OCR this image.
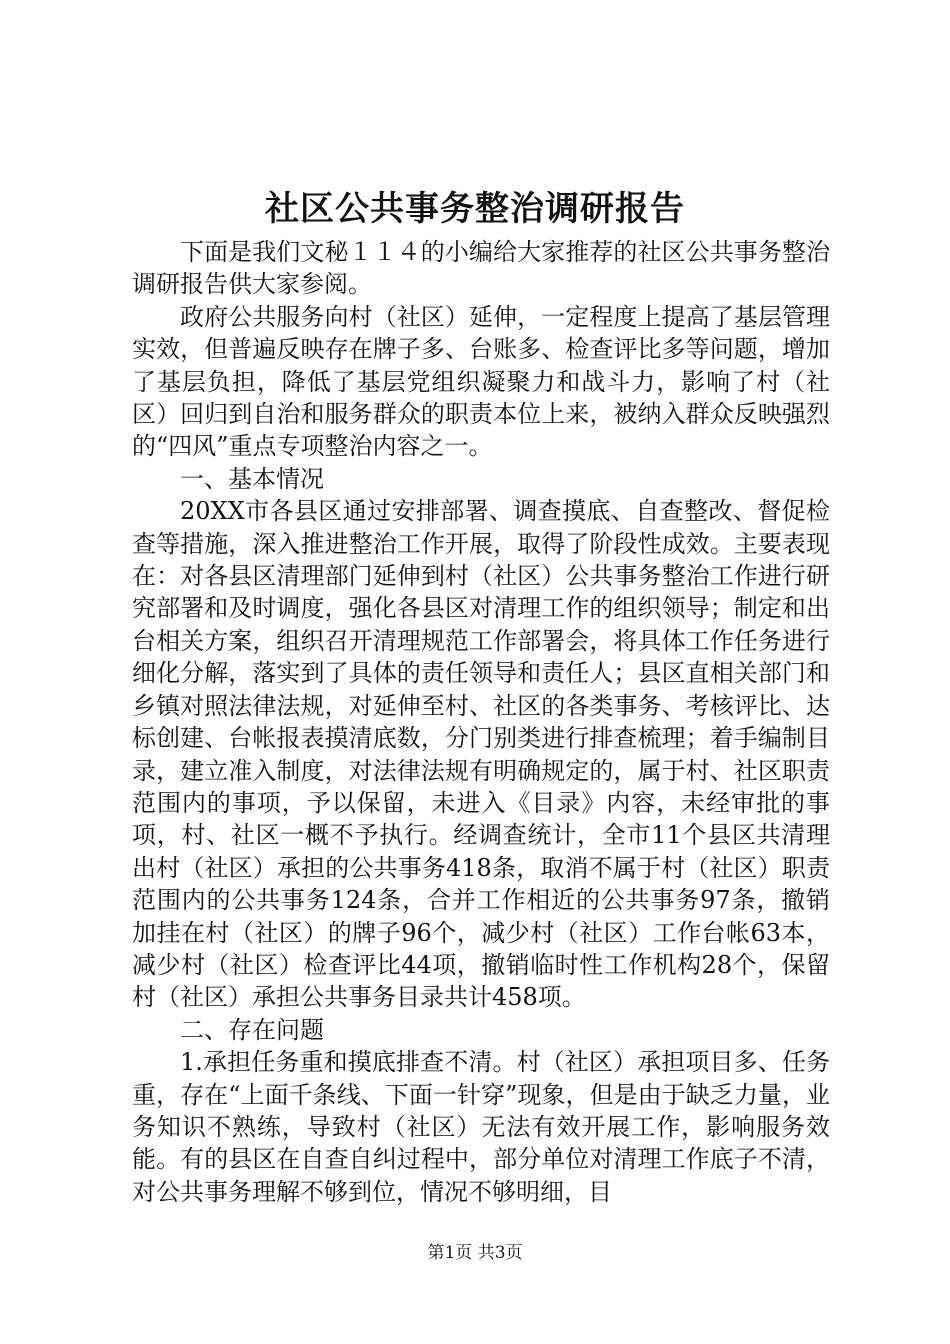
社区公共事务整治调研报告

下面是我们文秘１１４的小编给大家推荐的社区公共事务整治调研报告供大家参阅。

政府公共服务向村（社区）延伸，一定程度上提高了基层管理实效，但普遍反映存在牌子多、台账多、检查评比多等问题，增加了基层负担，降低了基层党组织凝聚力和战斗力，影响了村（社区）回归到自治和服务群众的职责本位上来，被纳入群众反映强烈的“四风”重点专项整治内容之一。

一、基本情况

20XX市各县区通过安排部署、调查摸底、自查整改、督促检查等措施，深入推进整治工作开展，取得了阶段性成效。主要表现在：对各县区清理部门延伸到村（社区）公共事务整治工作进行研究部署和及时调度，强化各县区对清理工作的组织领导；制定和出台相关方案，组织召开清理规范工作部署会，将具体工作任务进行细化分解，落实到了具体的责任领导和责任人；县区直相关部门和乡镇对照法律法规，对延伸至村、社区的各类事务、考核评比、达标创建、台帐报表摸清底数，分门别类进行排查梳理；着手编制目录，建立准入制度，对法律法规有明确规定的，属于村、社区职责范围内的事项，予以保留，未进入《目录》内容，未经审批的事项，村、社区一概不予执行。经调查统计，全市11个县区共清理出村（社区）承担的公共事务418条，取消不属于村（社区）职责范围内的公共事务124条，合并工作相近的公共事务97条，撤销加挂在村（社区）的牌子96个，减少村（社区）工作台帐63本，减少村（社区）检查评比44项，撤销临时性工作机构28个，保留村（社区）承担公共事务目录共计458项。

二、存在问题

1.承担任务重和摸底排查不清。村（社区）承担项目多、任务重，存在“上面千条线、下面一针穿”现象，但是由于缺乏力量，业务知识不熟练，导致村（社区）无法有效开展工作，影响服务效能。有的县区在自查自纠过程中，部分单位对清理工作底子不清，对公共事务理解不够到位，情况不够明细，目

第1页 共3页
